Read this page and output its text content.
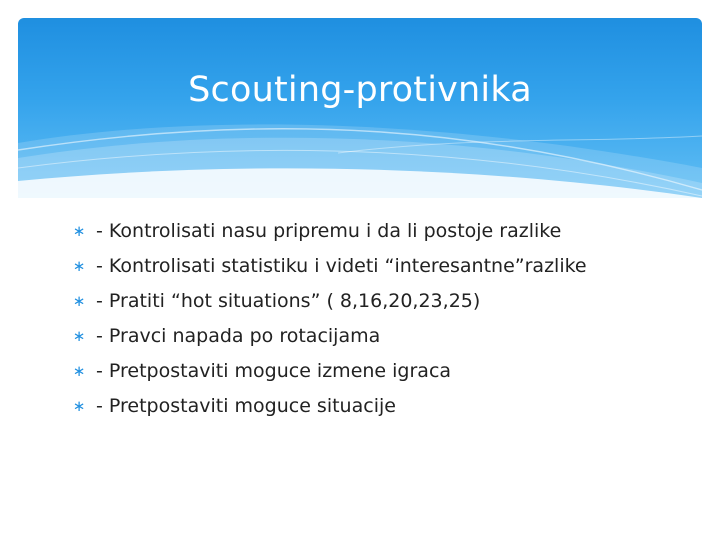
Scouting-protivnika
∗ - Kontrolisati nasu pripremu i da li postoje razlike
∗ - Kontrolisati statistiku i videti “interesantne”razlike
∗ - Pratiti “hot situations” ( 8,16,20,23,25)
∗ - Pravci napada po rotacijama
∗ - Pretpostaviti moguce izmene igraca
∗ - Pretpostaviti moguce situacije
